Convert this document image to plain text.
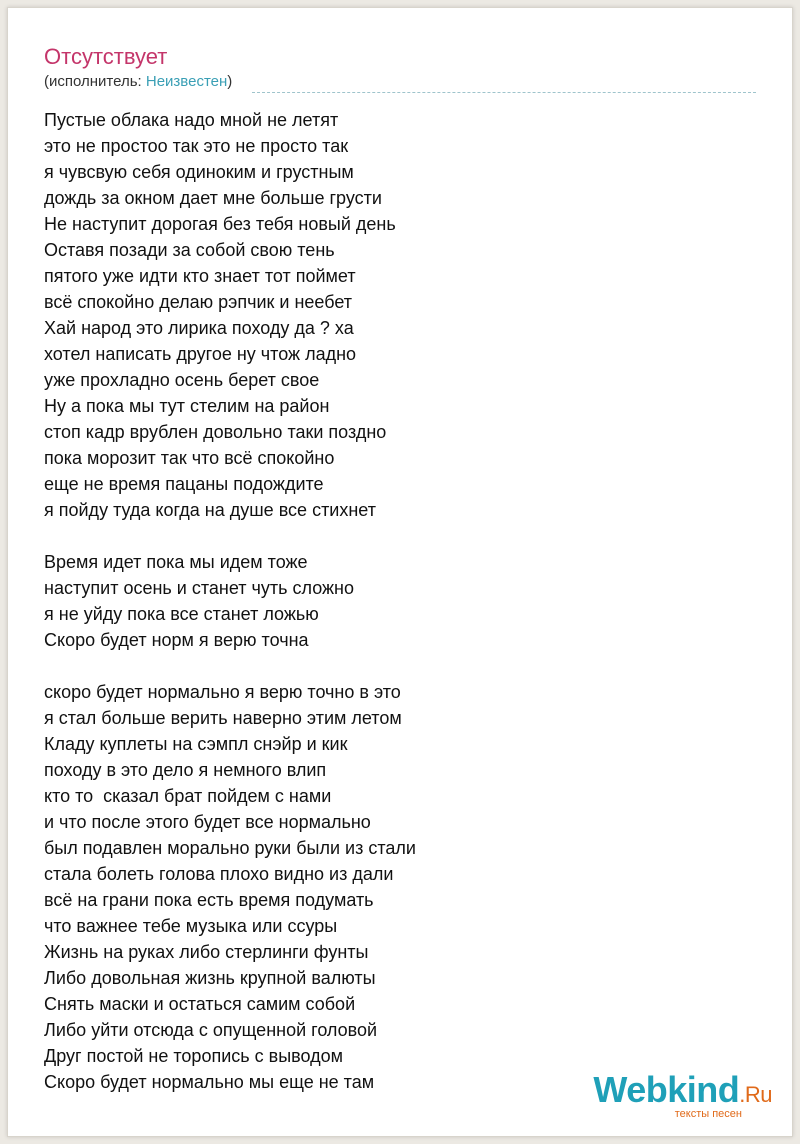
Отсутствует
(исполнитель: Неизвестен)
Пустые облака надо мной не летят
это не простоо так это не просто так
я чувсвую себя одиноким и грустным
дождь за окном дает мне больше грусти
Не наступит дорогая без тебя новый день
Оставя позади за собой свою тень
пятого уже идти кто знает тот поймет
всё спокойно делаю рэпчик и неебет
Хай народ это лирика походу да ? ха
хотел написать другое ну чтож ладно
уже прохладно осень берет свое
Ну а пока мы тут стелим на район
стоп кадр врублен довольно таки поздно
пока морозит так что всё спокойно
еще не время пацаны подождите
я пойду туда когда на душе все стихнет
Время идет пока мы идем тоже
наступит осень и станет чуть сложно
я не уйду пока все станет ложью
Скоро будет норм я верю точна
скоро будет нормально я верю точно в это
я стал больше верить наверно этим летом
Кладу куплеты на сэмпл снэйр и кик
походу в это дело я немного влип
кто то  сказал брат пойдем с нами
и что после этого будет все нормально
был подавлен морально руки были из стали
стала болеть голова плохо видно из дали
всё на грани пока есть время подумать
что важнее тебе музыка или ссуры
Жизнь на руках либо стерлинги фунты
Либо довольная жизнь крупной валюты
Снять маски и остаться самим собой
Либо уйти отсюда с опущенной головой
Друг постой не торопись с выводом
Скоро будет нормально мы еще не там	Webkind.Ru
тексты песен
